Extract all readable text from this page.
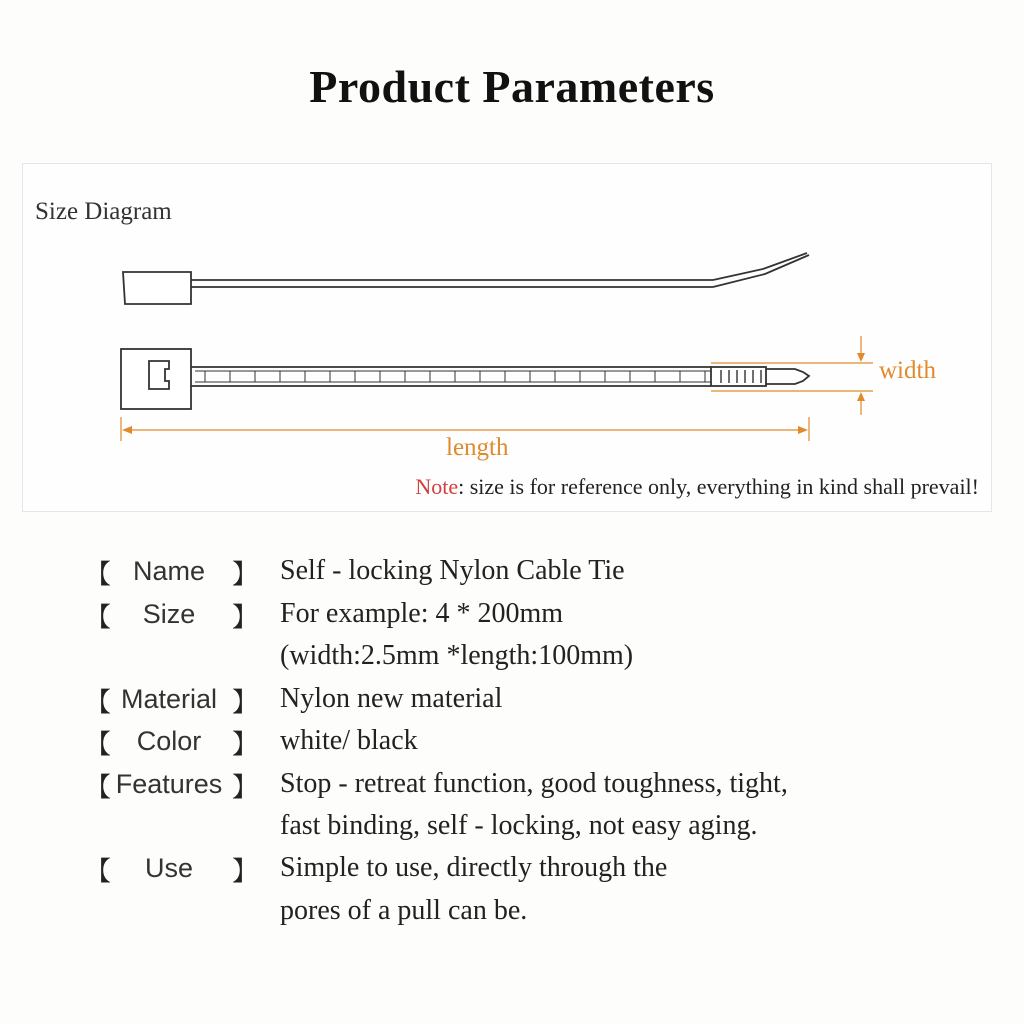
Product Parameters
Size Diagram
width
length
Note: size is for reference only, everything in kind shall prevail!
【 Name	】 Self - locking Nylon Cable Tie
【	Size	】 For example: 4 * 200mm
(width:2.5mm *length:100mm)
【 Material 】 Nylon new material
【 Color	】 white/ black
【 Features 】 Stop - retreat function, good toughness, tight,
fast binding, self - locking, not easy aging.
【	Use	】 Simple to use, directly through the
pores of a pull can be.
